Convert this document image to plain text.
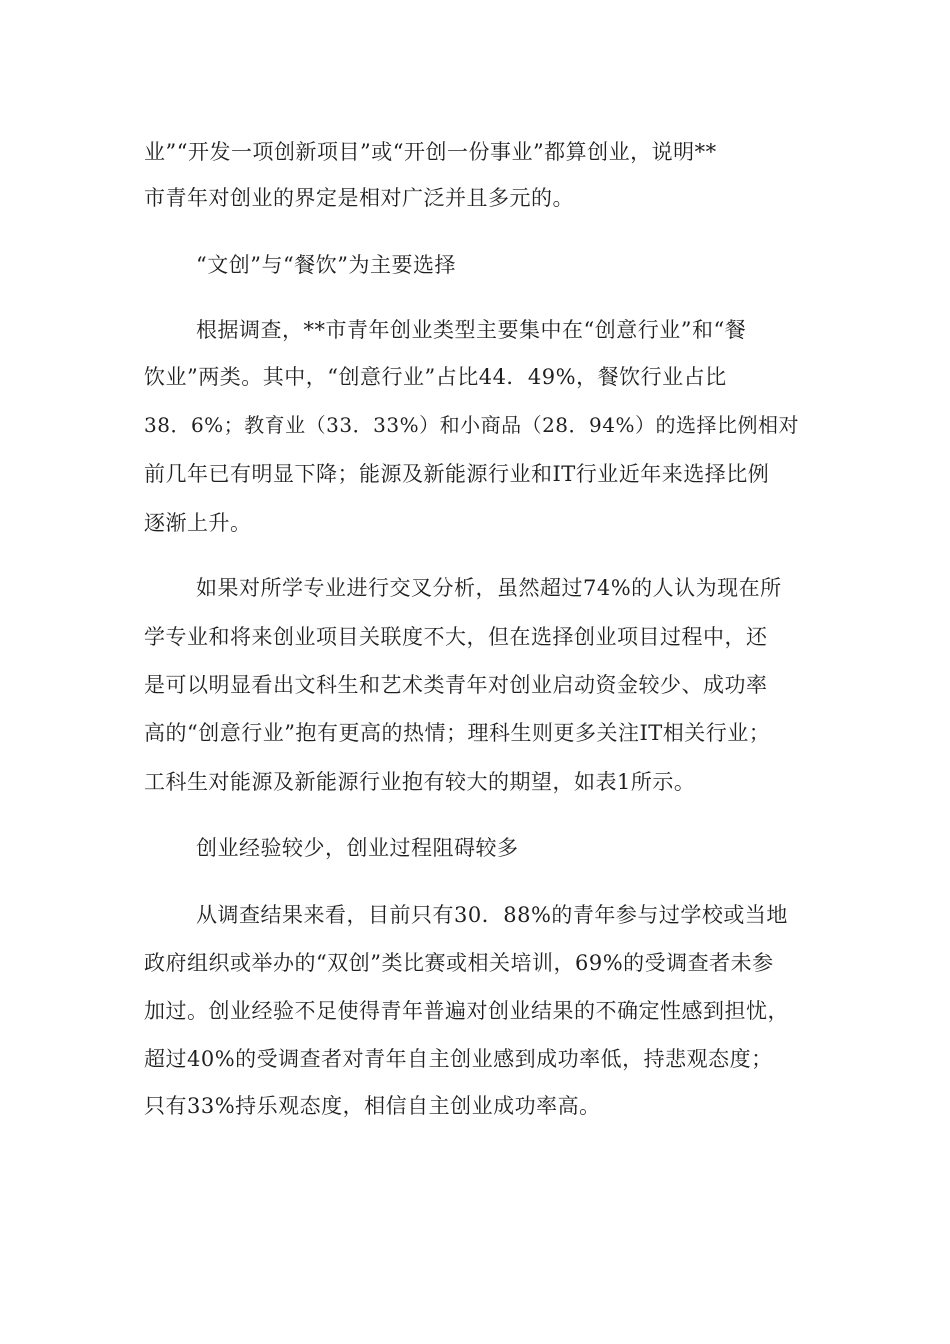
业”“开发一项创新项目”或“开创一份事业”都算创业，说明**

市青年对创业的界定是相对广泛并且多元的。

“文创”与“餐饮”为主要选择

根据调查，**市青年创业类型主要集中在“创意行业”和“餐

饮业”两类。其中，“创意行业”占比44．49%，餐饮行业占比

38．6%；教育业（33．33%）和小商品（28．94%）的选择比例相对

前几年已有明显下降；能源及新能源行业和IT行业近年来选择比例

逐渐上升。

如果对所学专业进行交叉分析，虽然超过74%的人认为现在所

学专业和将来创业项目关联度不大，但在选择创业项目过程中，还

是可以明显看出文科生和艺术类青年对创业启动资金较少、成功率

高的“创意行业”抱有更高的热情；理科生则更多关注IT相关行业；

工科生对能源及新能源行业抱有较大的期望，如表1所示。

创业经验较少，创业过程阻碍较多

从调查结果来看，目前只有30．88%的青年参与过学校或当地

政府组织或举办的“双创”类比赛或相关培训，69%的受调查者未参

加过。创业经验不足使得青年普遍对创业结果的不确定性感到担忧，

超过40%的受调查者对青年自主创业感到成功率低，持悲观态度；

只有33%持乐观态度，相信自主创业成功率高。
